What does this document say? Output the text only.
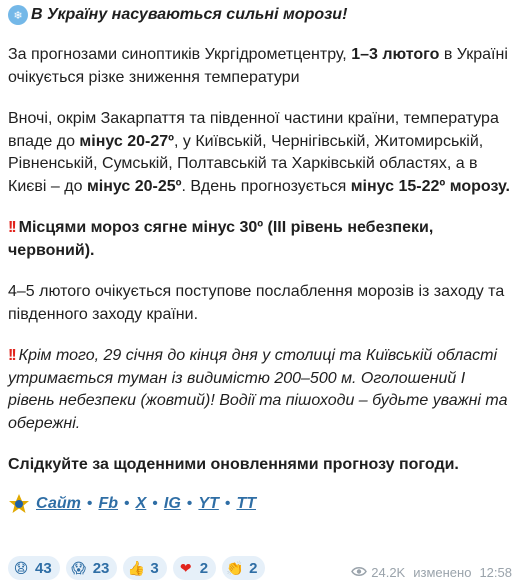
❄ В Україну насуваються сильні морози!

За прогнозами синоптиків Укргідрометцентру, 1–3 лютого в Україні очікується різке зниження температури

Вночі, окрім Закарпаття та південної частини країни, температура впаде до мінус 20-27º, у Київській, Чернігівській, Житомирській, Рівненській, Сумській, Полтавській та Харківській областях, а в Києві – до мінус 20-25º. Вдень прогнозується мінус 15-22º морозу.

!! Місцями мороз сягне мінус 30º (III рівень небезпеки, червоний).

4–5 лютого очікується поступове послаблення морозів із заходу та південного заходу країни.

!! Крім того, 29 січня до кінця дня у столиці та Київській області утримається туман із видимістю 200–500 м. Оголошений І рівень небезпеки (жовтий)! Водії та пішоходи – будьте уважні та обережні.

Слідкуйте за щоденними оновленнями прогнозу погоди.

Сайт • Fb • X • IG • YT • TT
😧 43 😱 23 👍 3 ❤ 2 👏 2	24.2K изменено 12:58
